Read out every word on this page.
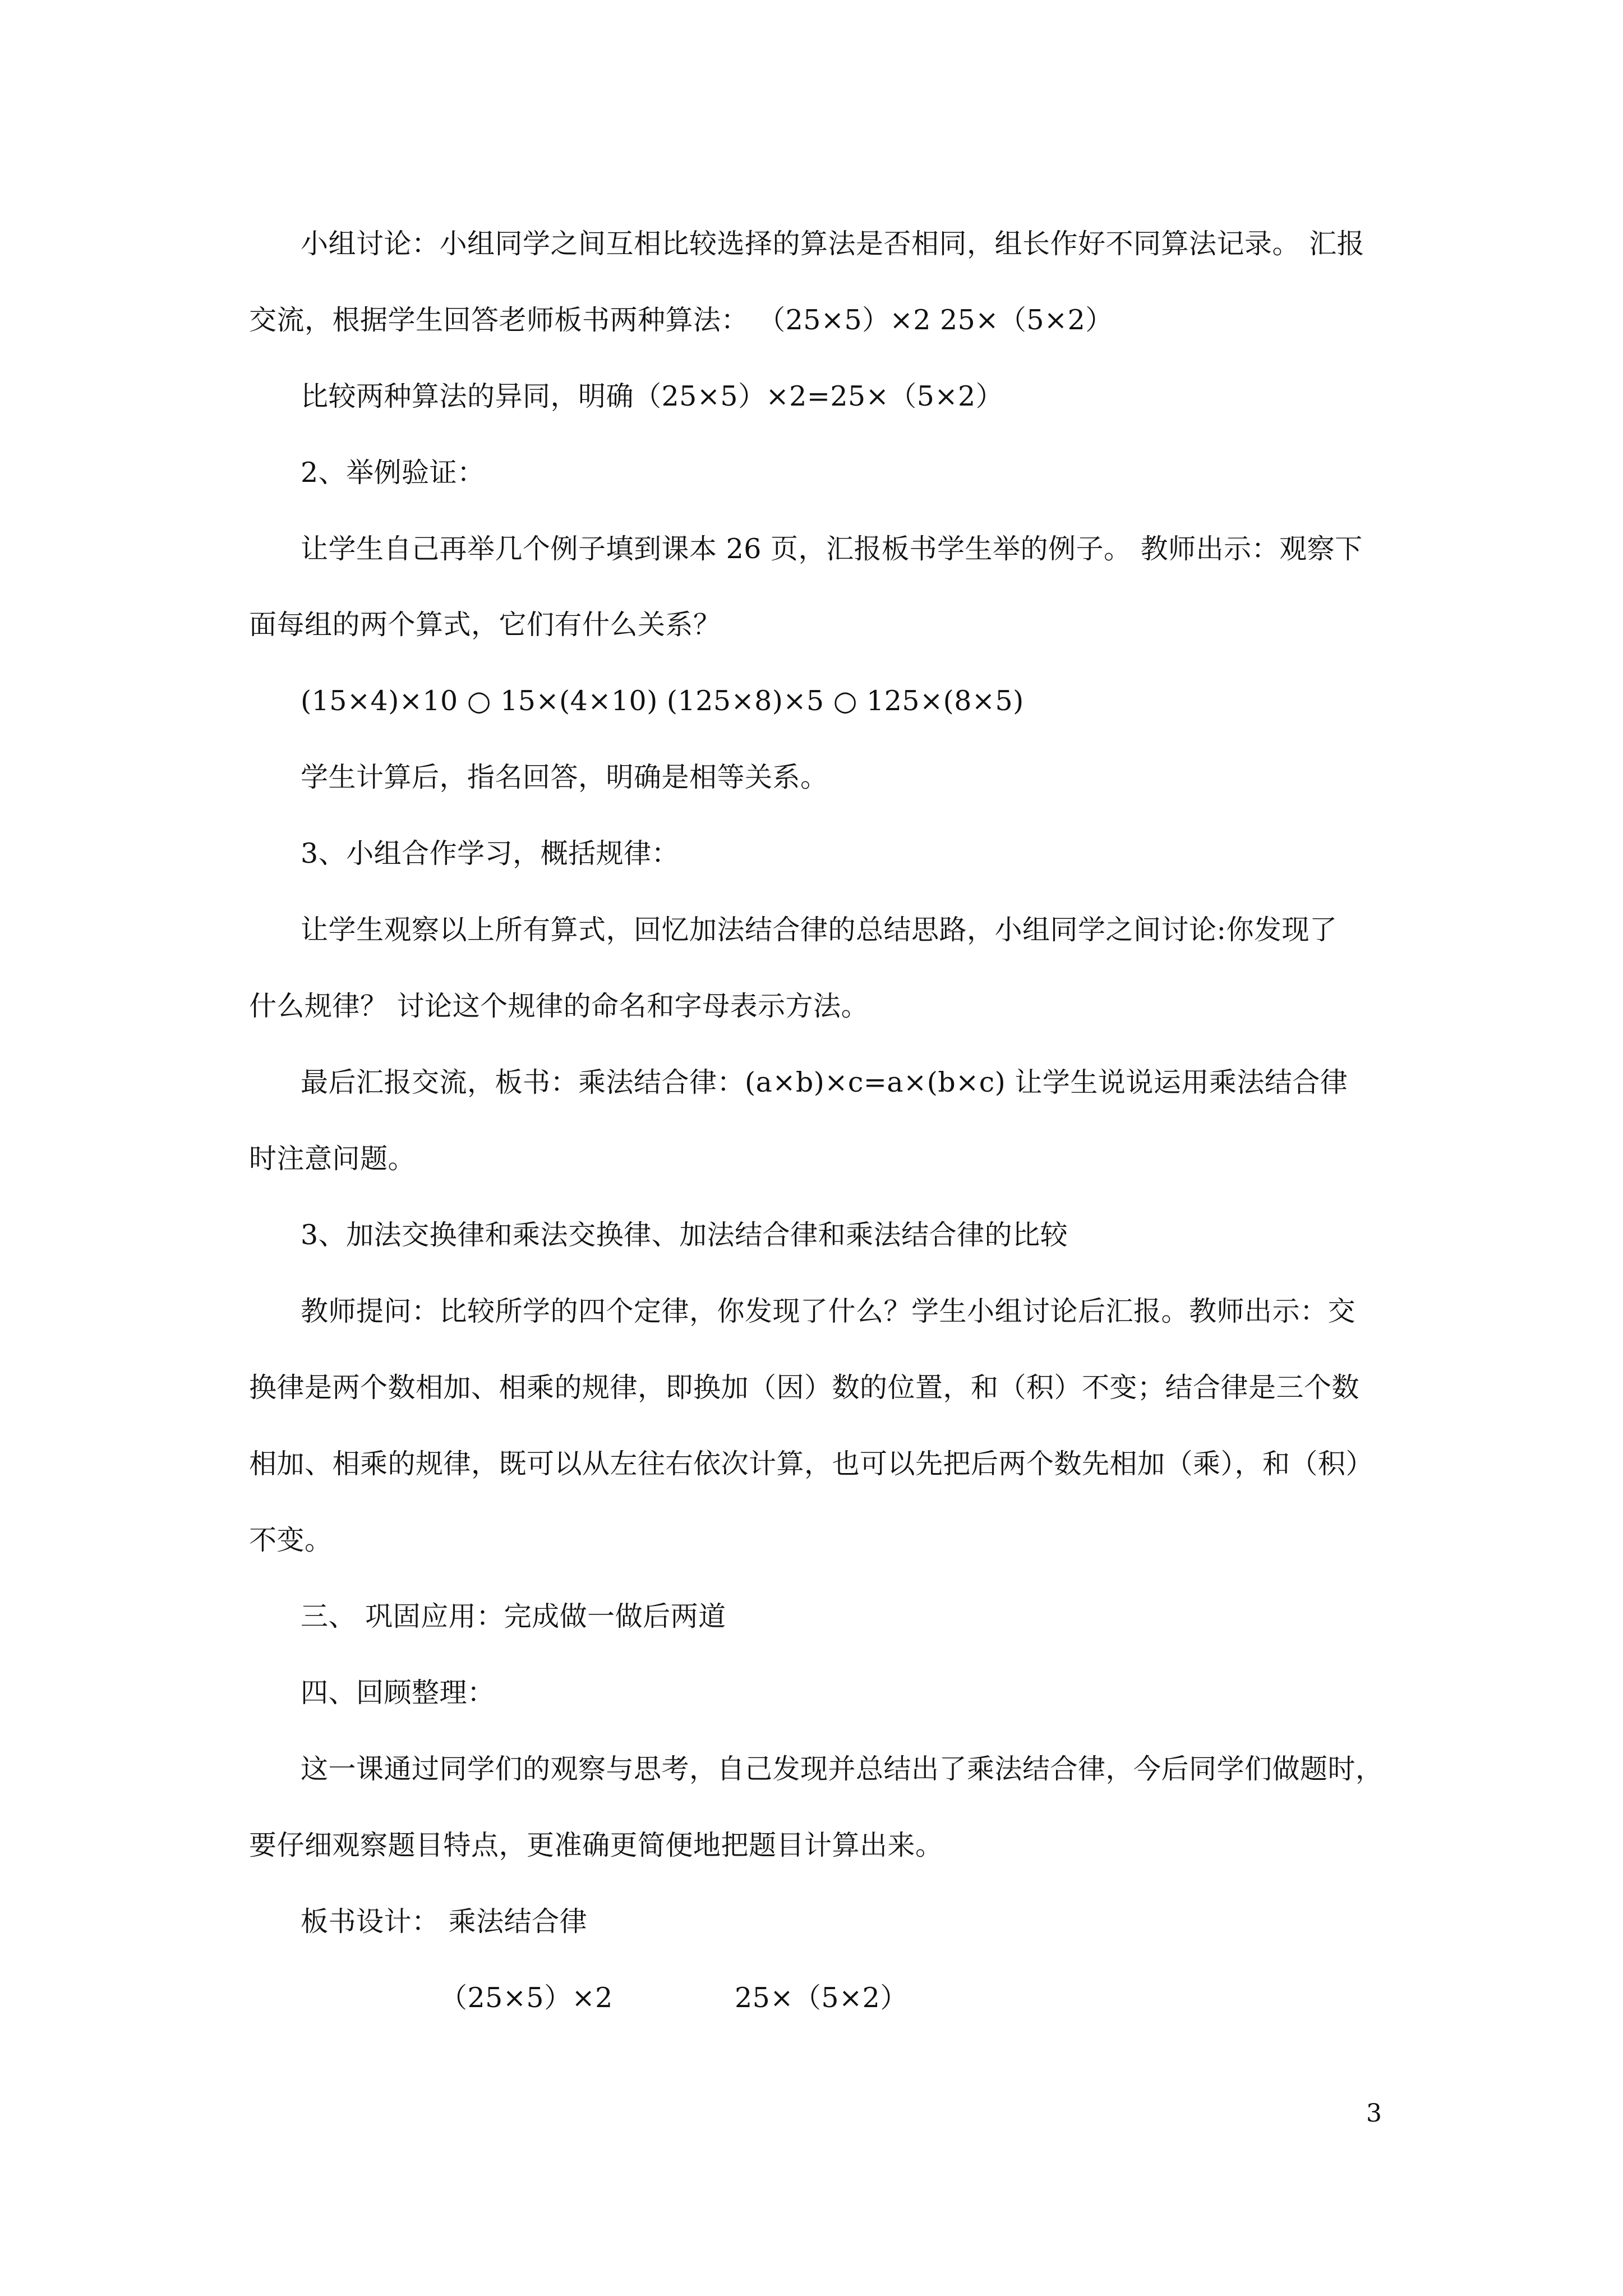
小组讨论：小组同学之间互相比较选择的算法是否相同，组长作好不同算法记录。 汇报

交流，根据学生回答老师板书两种算法： （25×5）×2 25×（5×2）

比较两种算法的异同，明确（25×5）×2=25×（5×2）

2、举例验证：

让学生自己再举几个例子填到课本 26 页，汇报板书学生举的例子。 教师出示：观察下

面每组的两个算式，它们有什么关系？

(15×4)×10 ○ 15×(4×10) (125×8)×5 ○ 125×(8×5)

学生计算后，指名回答，明确是相等关系。

3、小组合作学习，概括规律：

让学生观察以上所有算式，回忆加法结合律的总结思路，小组同学之间讨论:你发现了

什么规律？ 讨论这个规律的命名和字母表示方法。

最后汇报交流，板书：乘法结合律：(a×b)×c=a×(b×c) 让学生说说运用乘法结合律

时注意问题。

3、加法交换律和乘法交换律、加法结合律和乘法结合律的比较

教师提问：比较所学的四个定律，你发现了什么？学生小组讨论后汇报。教师出示：交

换律是两个数相加、相乘的规律，即换加（因）数的位置，和（积）不变；结合律是三个数

相加、相乘的规律，既可以从左往右依次计算，也可以先把后两个数先相加（乘），和（积）

不变。

三、 巩固应用：完成做一做后两道

四、回顾整理：

这一课通过同学们的观察与思考，自己发现并总结出了乘法结合律，今后同学们做题时，

要仔细观察题目特点，更准确更简便地把题目计算出来。

板书设计： 乘法结合律

（25×5）×2	25×（5×2）

3
